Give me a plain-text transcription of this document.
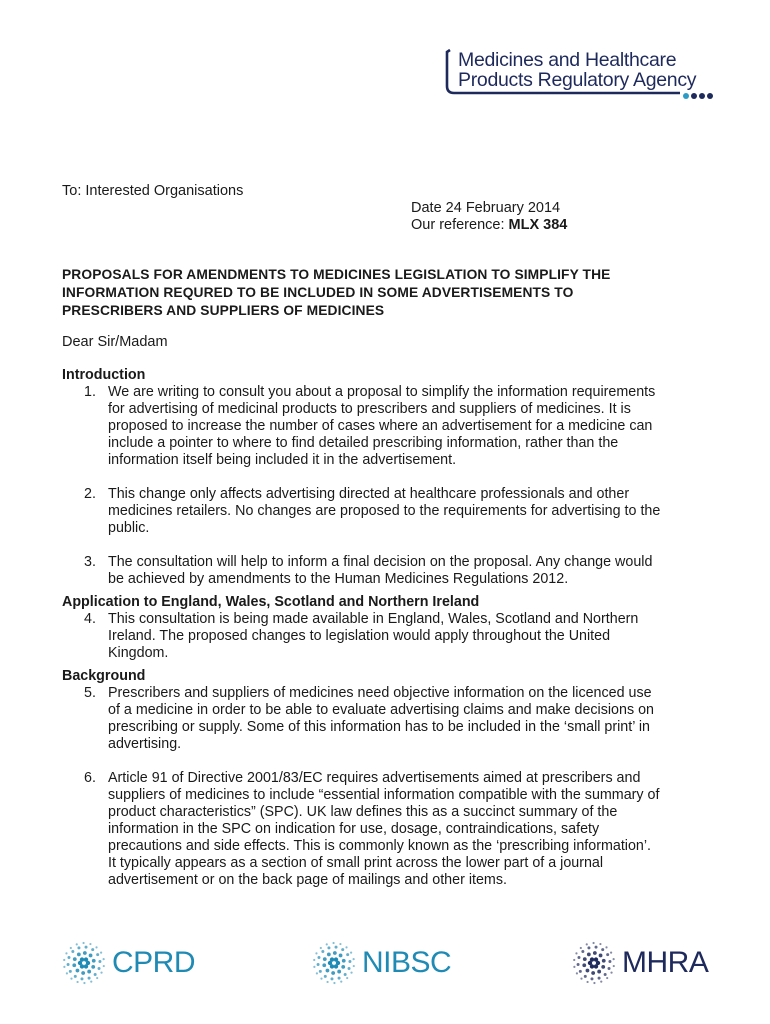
Medicines and Healthcare
Products Regulatory Agency
To: Interested Organisations
Date 24 February 2014
Our reference: MLX 384
PROPOSALS FOR AMENDMENTS TO MEDICINES LEGISLATION TO SIMPLIFY THE
INFORMATION REQURED TO BE INCLUDED IN SOME ADVERTISEMENTS TO
PRESCRIBERS AND SUPPLIERS OF MEDICINES
Dear Sir/Madam

Introduction

1. We are writing to consult you about a proposal to simplify the information requirements
for advertising of medicinal products to prescribers and suppliers of medicines. It is
proposed to increase the number of cases where an advertisement for a medicine can
include a pointer to where to find detailed prescribing information, rather than the
information itself being included it in the advertisement.
2. This change only affects advertising directed at healthcare professionals and other
medicines retailers. No changes are proposed to the requirements for advertising to the
public.
3. The consultation will help to inform a final decision on the proposal. Any change would
be achieved by amendments to the Human Medicines Regulations 2012.

Application to England, Wales, Scotland and Northern Ireland

4. This consultation is being made available in England, Wales, Scotland and Northern
Ireland. The proposed changes to legislation would apply throughout the United
Kingdom.

Background

5. Prescribers and suppliers of medicines need objective information on the licenced use
of a medicine in order to be able to evaluate advertising claims and make decisions on
prescribing or supply. Some of this information has to be included in the ‘small print’ in
advertising.
6. Article 91 of Directive 2001/83/EC requires advertisements aimed at prescribers and
suppliers of medicines to include “essential information compatible with the summary of
product characteristics” (SPC). UK law defines this as a succinct summary of the
information in the SPC on indication for use, dosage, contraindications, safety
precautions and side effects. This is commonly known as the ‘prescribing information’.
It typically appears as a section of small print across the lower part of a journal
advertisement or on the back page of mailings and other items.
CPRD	NIBSC	MHRA
